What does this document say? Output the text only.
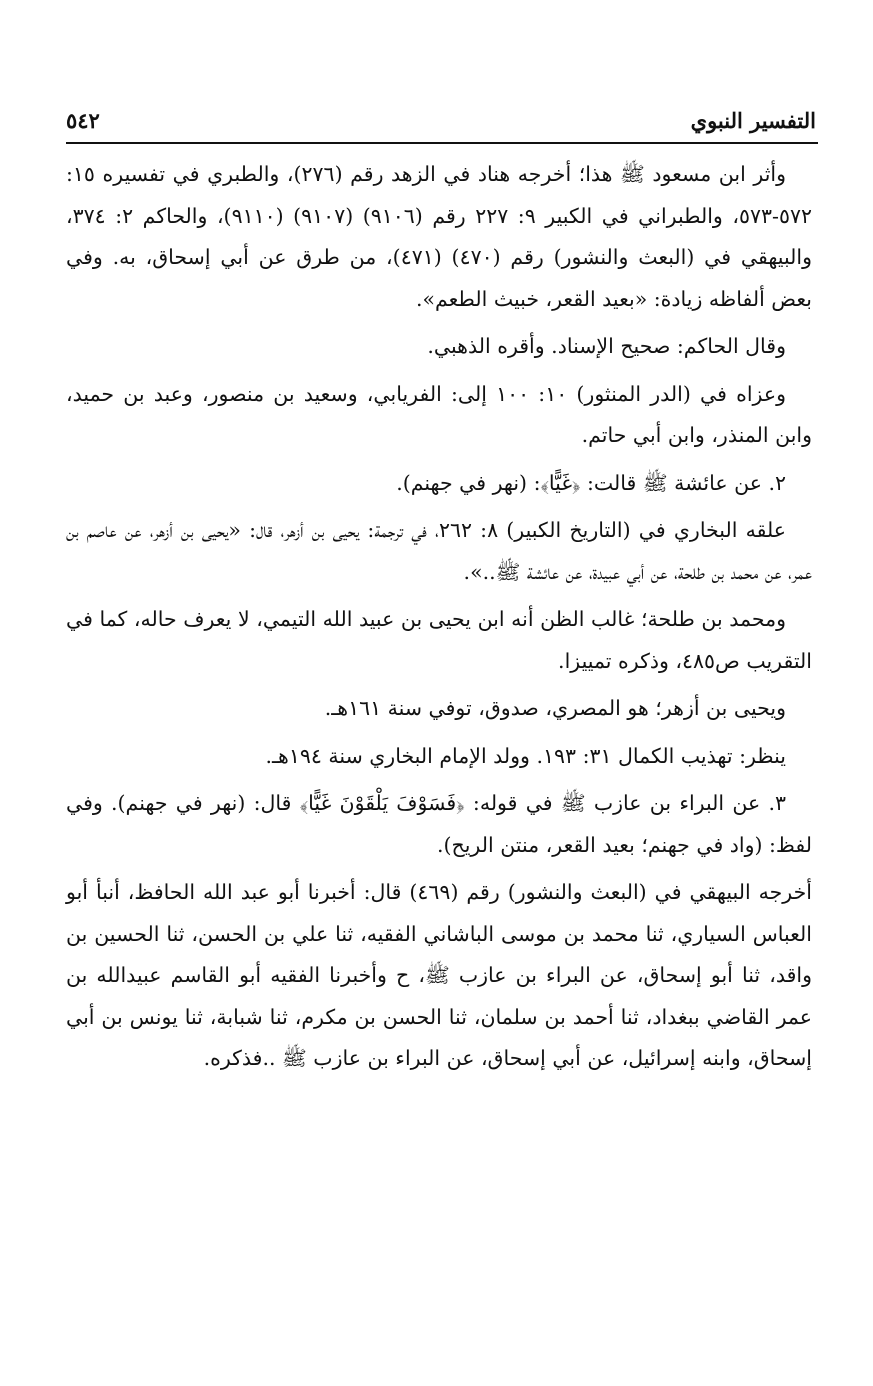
التفسير النبوي
٥٤٢

وأثر ابن مسعود ﷺ هذا؛ أخرجه هناد في الزهد رقم (٢٧٦)، والطبري في تفسيره ١٥: ٥٧٢-٥٧٣، والطبراني في الكبير ٩: ٢٢٧ رقم (٩١٠٦) (٩١٠٧) (٩١١٠)، والحاكم ٢: ٣٧٤، والبيهقي في (البعث والنشور) رقم (٤٧٠) (٤٧١)، من طرق عن أبي إسحاق، به. وفي بعض ألفاظه زيادة: «بعيد القعر، خبيث الطعم».

وقال الحاكم: صحيح الإسناد. وأقره الذهبي.

وعزاه في (الدر المنثور) ١٠: ١٠٠ إلى: الفريابي، وسعيد بن منصور، وعبد بن حميد، وابن المنذر، وابن أبي حاتم.

٢. عن عائشة ﷺ قالت: ﴿غَيًّا﴾: (نهر في جهنم).

علقه البخاري في (التاريخ الكبير) ٨: ٢٦٢، في ترجمة: يحيى بن أزهر، قال: «يحيى بن أزهر، عن عاصم بن عمر، عن محمد بن طلحة، عن أبي عبيدة، عن عائشة ﷺ..».

ومحمد بن طلحة؛ غالب الظن أنه ابن يحيى بن عبيد الله التيمي، لا يعرف حاله، كما في التقريب ص٤٨٥، وذكره تمييزا.

ويحيى بن أزهر؛ هو المصري، صدوق، توفي سنة ١٦١هـ.

ينظر: تهذيب الكمال ٣١: ١٩٣. وولد الإمام البخاري سنة ١٩٤هـ.

٣. عن البراء بن عازب ﷺ في قوله: ﴿فَسَوْفَ يَلْقَوْنَ غَيًّا﴾ قال: (نهر في جهنم). وفي لفظ: (واد في جهنم؛ بعيد القعر، منتن الريح).

أخرجه البيهقي في (البعث والنشور) رقم (٤٦٩) قال: أخبرنا أبو عبد الله الحافظ، أنبأ أبو العباس السياري، ثنا محمد بن موسى الباشاني الفقيه، ثنا علي بن الحسن، ثنا الحسين بن واقد، ثنا أبو إسحاق، عن البراء بن عازب ﷺ، ح وأخبرنا الفقيه أبو القاسم عبيدالله بن عمر القاضي ببغداد، ثنا أحمد بن سلمان، ثنا الحسن بن مكرم، ثنا شبابة، ثنا يونس بن أبي إسحاق، وابنه إسرائيل، عن أبي إسحاق، عن البراء بن عازب ﷺ ..فذكره.
